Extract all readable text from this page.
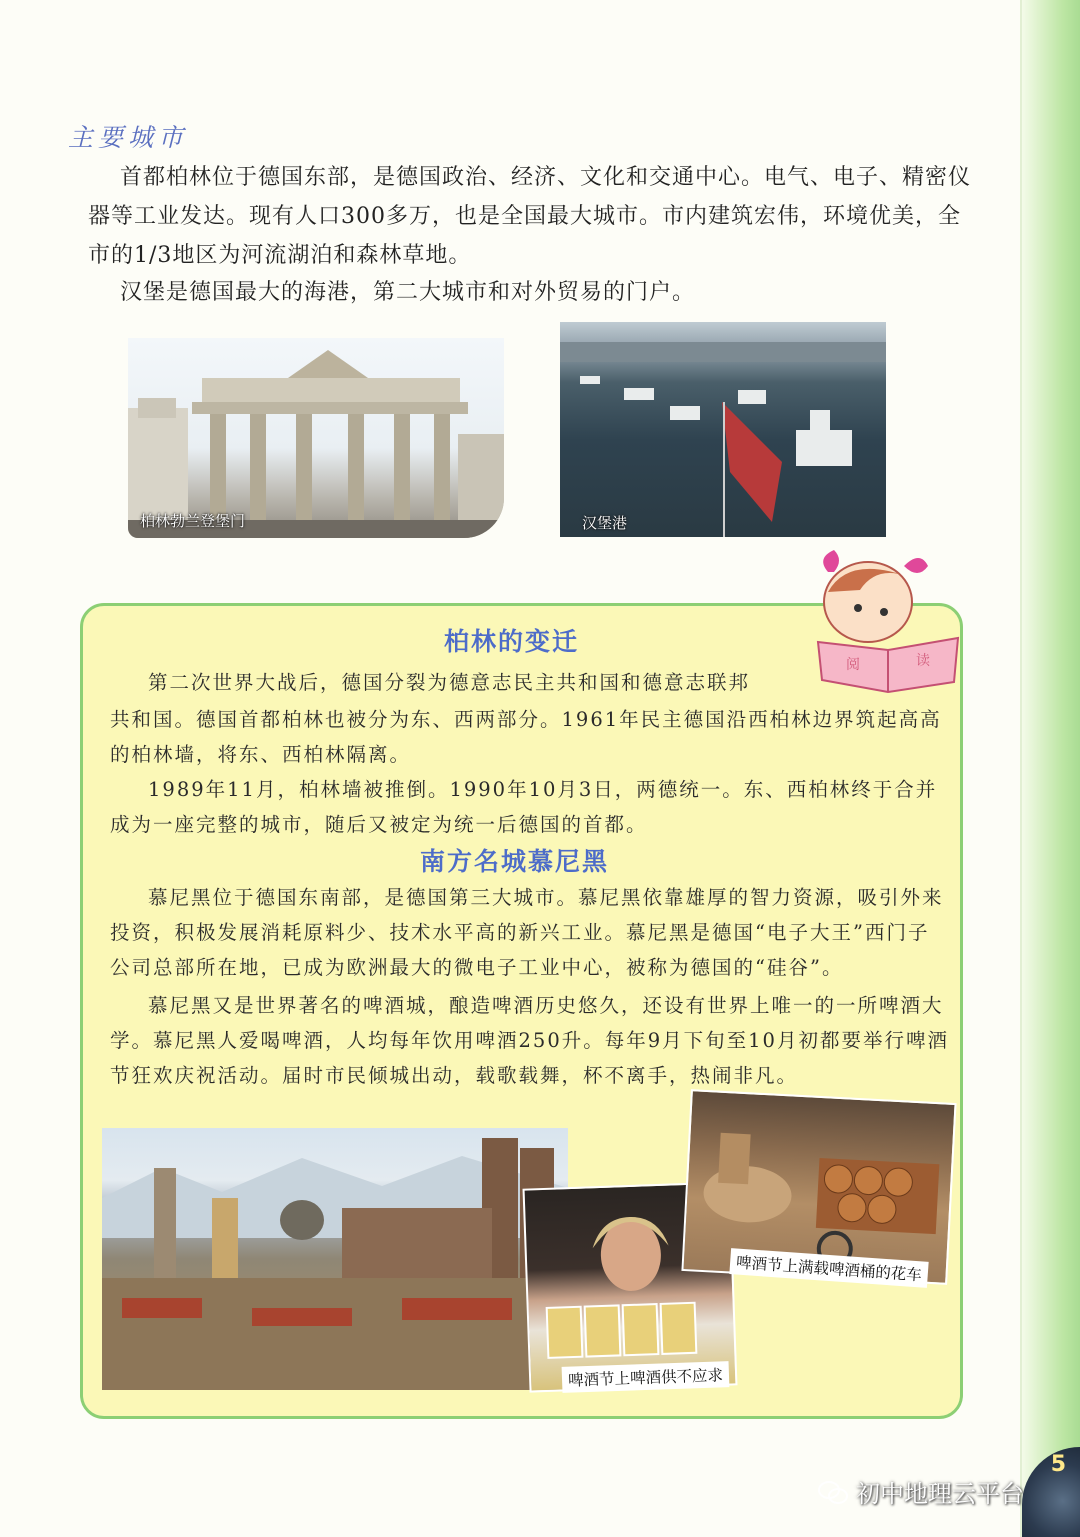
5
主要城市

首都柏林位于德国东部，是德国政治、经济、文化和交通中心。电气、电子、精密仪器等工业发达。现有人口300多万，也是全国最大城市。市内建筑宏伟，环境优美，全市的1/3地区为河流湖泊和森林草地。

汉堡是德国最大的海港，第二大城市和对外贸易的门户。

柏林勃兰登堡门	汉堡港
阅	读
柏林的变迁

第二次世界大战后，德国分裂为德意志民主共和国和德意志联邦

共和国。德国首都柏林也被分为东、西两部分。1961年民主德国沿西柏林边界筑起高高的柏林墙，将东、西柏林隔离。

1989年11月，柏林墙被推倒。1990年10月3日，两德统一。东、西柏林终于合并成为一座完整的城市，随后又被定为统一后德国的首都。

南方名城慕尼黑

慕尼黑位于德国东南部，是德国第三大城市。慕尼黑依靠雄厚的智力资源，吸引外来投资，积极发展消耗原料少、技术水平高的新兴工业。慕尼黑是德国“电子大王”西门子公司总部所在地，已成为欧洲最大的微电子工业中心，被称为德国的“硅谷”。

慕尼黑又是世界著名的啤酒城，酿造啤酒历史悠久，还设有世界上唯一的一所啤酒大学。慕尼黑人爱喝啤酒，人均每年饮用啤酒250升。每年9月下旬至10月初都要举行啤酒节狂欢庆祝活动。届时市民倾城出动，载歌载舞，杯不离手，热闹非凡。

啤酒节上啤酒供不应求
啤酒节上满载啤酒桶的花车
初中地理云平台
